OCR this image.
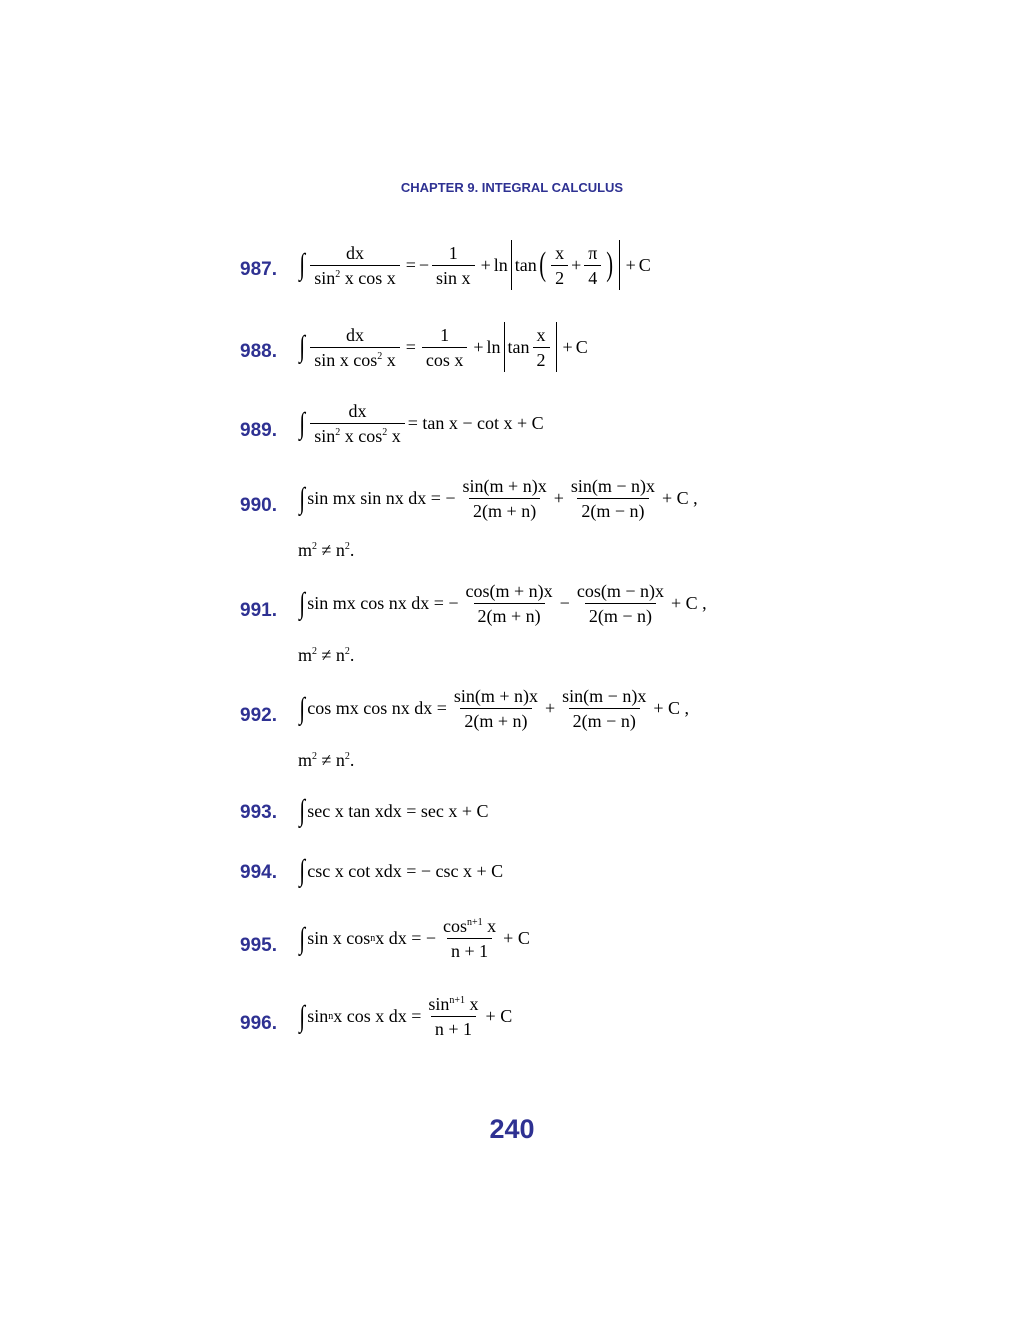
CHAPTER 9. INTEGRAL CALCULUS
987. ∫ $\frac{dx}{\sin^2 x \cos x}$ = − $\frac{1}{\text{sin x}} + \ln \tan$ ( $\frac{x}{2} + \frac{\pi}{4}$ ) + C
988. ∫ $\frac{dx}{\sin x \cos^2 x} = \frac{1}{\text{cos x}} + \ln \tan \frac{x}{2} + C$
989. ∫ $\frac{dx}{\sin^2 x \cos^2 x} = \tan x - \cot x + C$
990. ∫ sin mx sin nx dx = − $\frac{\sin(m + n)x}{2(m + n)} + \frac{\sin(m - n)x}{2(m - n)} + C$ ,
$m^2 \ne n^2$.
991. ∫ sin mx cos nx dx = − $\frac{\cos(m + n)x}{2(m + n)} - \frac{\cos(m - n)x}{2(m - n)} + C$ ,
$m^2 \ne n^2$.
992. ∫ cos mx cos nx dx = $\frac{\sin(m + n)x}{2(m + n)} + \frac{\sin(m - n)x}{2(m - n)} + C$ ,
$m^2 \ne n^2$.
993. ∫ sec x tan xdx = sec x + C
994. ∫ csc x cot xdx = − csc x + C
995. ∫ sin x cos n x dx = − $\frac{\cos^{n+1} x}{n + 1} + C$
996. ∫ sin n x cos x dx = $\frac{\sin^{n+1} x}{n + 1} + C$
240
